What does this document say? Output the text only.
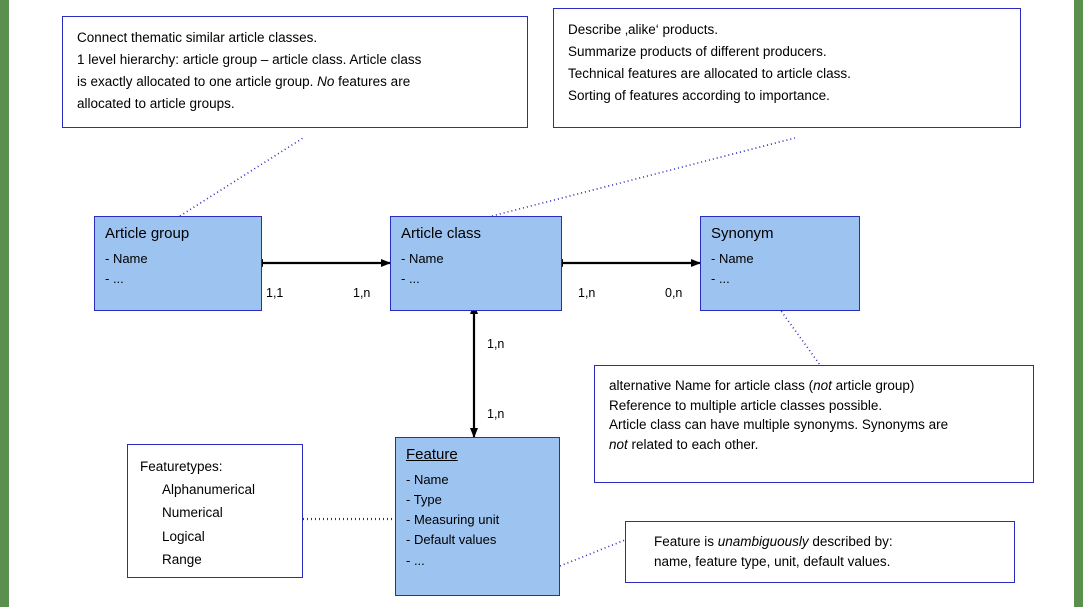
Connect thematic similar article classes.
1 level hierarchy: article group – article class. Article class
is exactly allocated to one article group. No features are
allocated to article groups.
Describe ‚alike‘ products.
Summarize products of different producers.
Technical features are allocated to article class.
Sorting of features according to importance.
Article group
- Name
- ...
Article class
- Name
- ...
Synonym
- Name
- ...
Feature
- Name
- Type
- Measuring unit
- Default values
- ...
1,1	1,n	1,n	0,n
1,n
1,n
alternative Name for article class (not article group)
Reference to multiple article classes possible.
Article class can have multiple synonyms. Synonyms are
not related to each other.
Featuretypes:
Alphanumerical
Numerical
Logical
Range
Feature is unambiguously described by:
name, feature type, unit, default values.
